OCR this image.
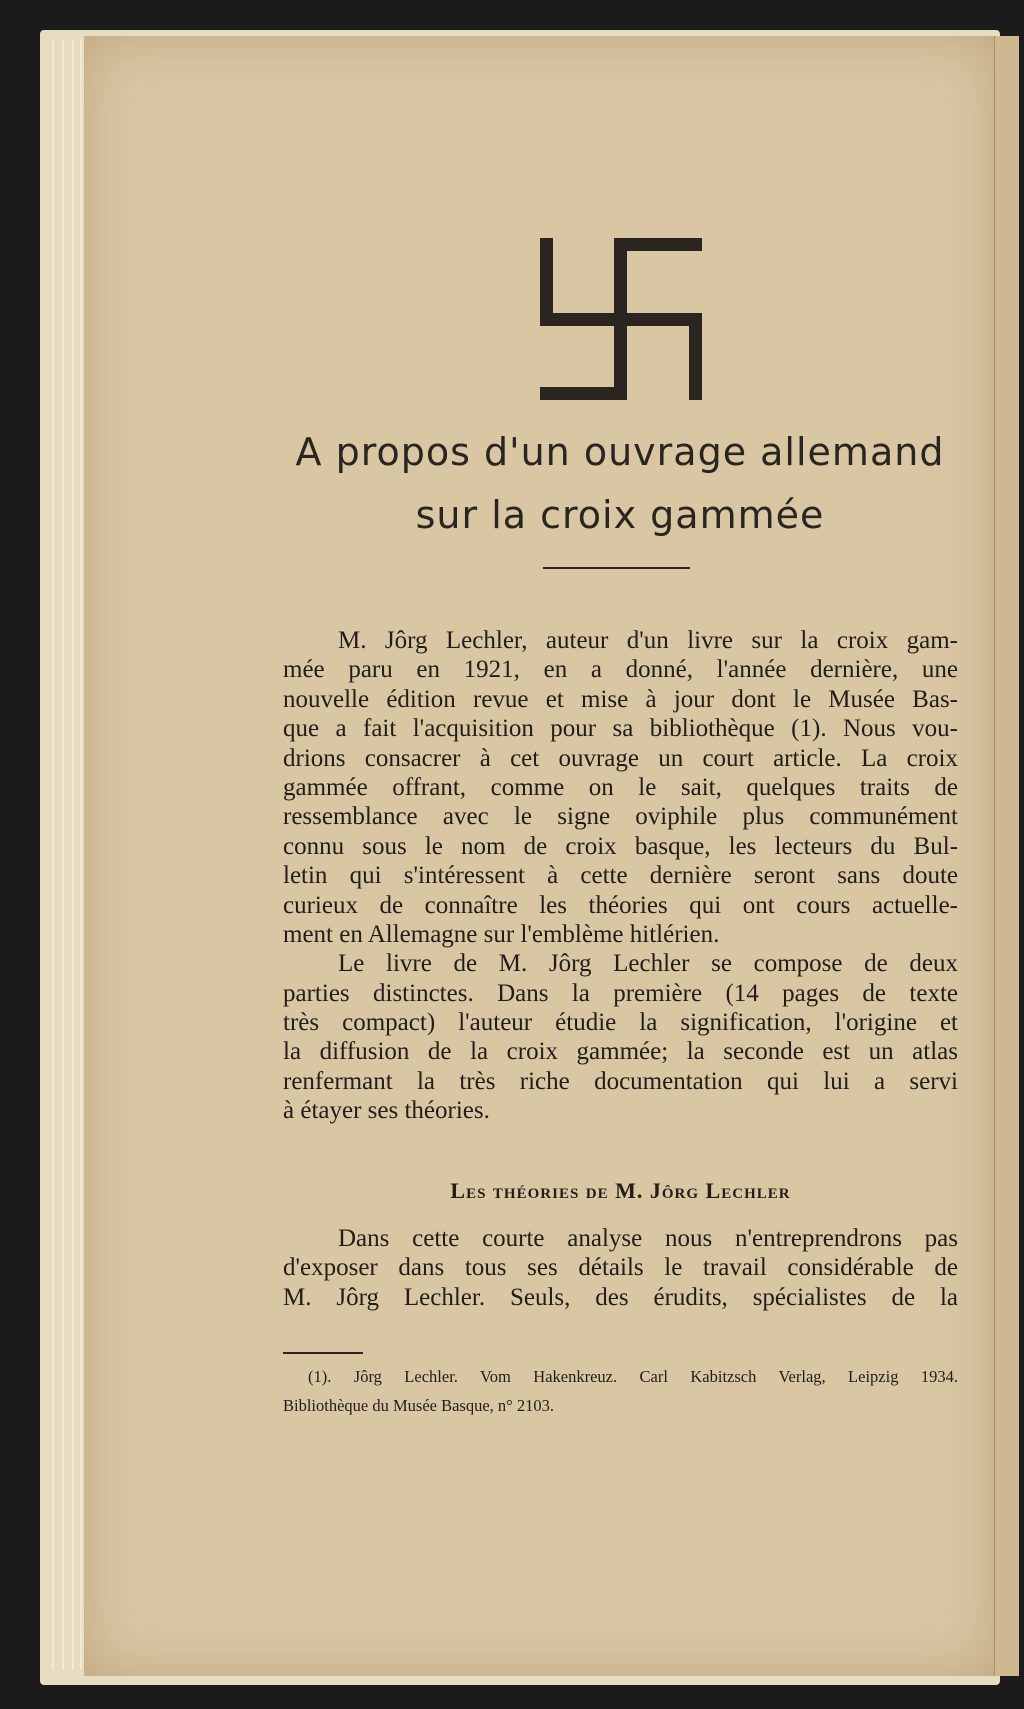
A propos d'un ouvrage allemand
sur la croix gammée
M. Jôrg Lechler, auteur d'un livre sur la croix gam-
mée paru en 1921, en a donné, l'année dernière, une
nouvelle édition revue et mise à jour dont le Musée Bas-
que a fait l'acquisition pour sa bibliothèque (1). Nous vou-
drions consacrer à cet ouvrage un court article. La croix
gammée offrant, comme on le sait, quelques traits de
ressemblance avec le signe oviphile plus communément
connu sous le nom de croix basque, les lecteurs du Bul-
letin qui s'intéressent à cette dernière seront sans doute
curieux de connaître les théories qui ont cours actuelle-
ment en Allemagne sur l'emblème hitlérien.
Le livre de M. Jôrg Lechler se compose de deux
parties distinctes. Dans la première (14 pages de texte
très compact) l'auteur étudie la signification, l'origine et
la diffusion de la croix gammée; la seconde est un atlas
renfermant la très riche documentation qui lui a servi
à étayer ses théories.
Les théories de M. Jôrg Lechler
Dans cette courte analyse nous n'entreprendrons pas
d'exposer dans tous ses détails le travail considérable de
M. Jôrg Lechler. Seuls, des érudits, spécialistes de la
(1). Jôrg Lechler. Vom Hakenkreuz. Carl Kabitzsch Verlag, Leipzig 1934.
Bibliothèque du Musée Basque, n° 2103.
